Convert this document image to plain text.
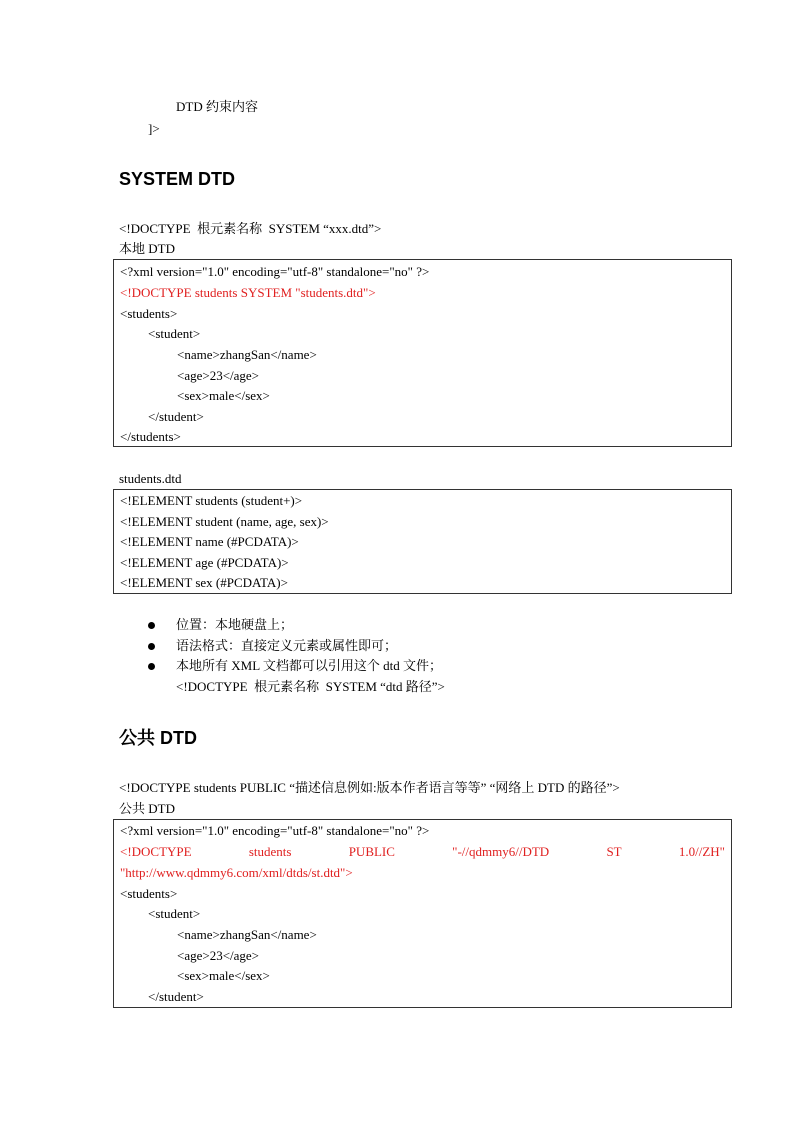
DTD 约束内容
]>
SYSTEM DTD
<!DOCTYPE  根元素名称  SYSTEM “xxx.dtd”>
本地 DTD
<?xml version="1.0" encoding="utf-8" standalone="no" ?>
<!DOCTYPE students SYSTEM "students.dtd">
<students>
<student>
<name>zhangSan</name>
<age>23</age>
<sex>male</sex>
</student>
</students>
students.dtd
<!ELEMENT students (student+)>
<!ELEMENT student (name, age, sex)>
<!ELEMENT name (#PCDATA)>
<!ELEMENT age (#PCDATA)>
<!ELEMENT sex (#PCDATA)>
位置：本地硬盘上；
语法格式：直接定义元素或属性即可；
本地所有 XML 文档都可以引用这个 dtd 文件；
<!DOCTYPE  根元素名称  SYSTEM “dtd 路径”>
公共 DTD
<!DOCTYPE students PUBLIC “描述信息例如:版本作者语言等等” “网络上 DTD 的路径”>
公共 DTD
<?xml version="1.0" encoding="utf-8" standalone="no" ?>
<!DOCTYPE	students	PUBLIC	"-//qdmmy6//DTD	ST	1.0//ZH"
"http://www.qdmmy6.com/xml/dtds/st.dtd">
<students>
<student>
<name>zhangSan</name>
<age>23</age>
<sex>male</sex>
</student>
